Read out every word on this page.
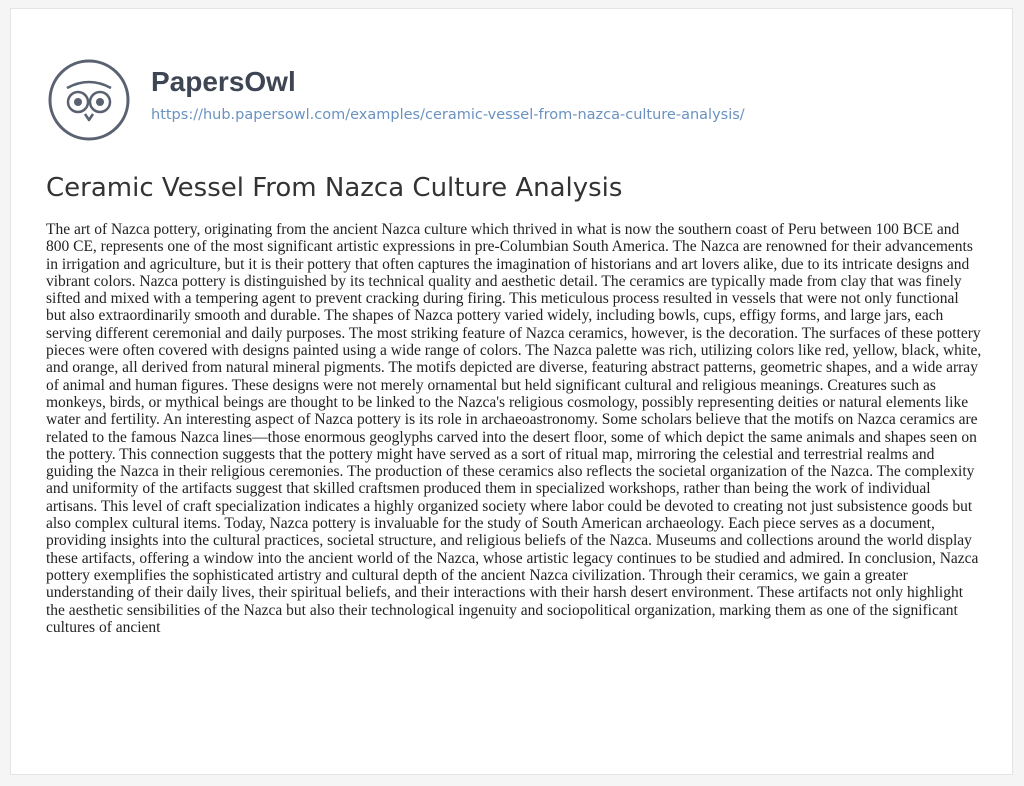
PapersOwl
https://hub.papersowl.com/examples/ceramic-vessel-from-nazca-culture-analysis/
Ceramic Vessel From Nazca Culture Analysis

The art of Nazca pottery, originating from the ancient Nazca culture which thrived in what is now the southern coast of Peru between 100 BCE and 800 CE, represents one of the most significant artistic expressions in pre-Columbian South America. The Nazca are renowned for their advancements in irrigation and agriculture, but it is their pottery that often captures the imagination of historians and art lovers alike, due to its intricate designs and vibrant colors. Nazca pottery is distinguished by its technical quality and aesthetic detail. The ceramics are typically made from clay that was finely sifted and mixed with a tempering agent to prevent cracking during firing. This meticulous process resulted in vessels that were not only functional but also extraordinarily smooth and durable. The shapes of Nazca pottery varied widely, including bowls, cups, effigy forms, and large jars, each serving different ceremonial and daily purposes. The most striking feature of Nazca ceramics, however, is the decoration. The surfaces of these pottery pieces were often covered with designs painted using a wide range of colors. The Nazca palette was rich, utilizing colors like red, yellow, black, white, and orange, all derived from natural mineral pigments. The motifs depicted are diverse, featuring abstract patterns, geometric shapes, and a wide array of animal and human figures. These designs were not merely ornamental but held significant cultural and religious meanings. Creatures such as monkeys, birds, or mythical beings are thought to be linked to the Nazca's religious cosmology, possibly representing deities or natural elements like water and fertility. An interesting aspect of Nazca pottery is its role in archaeoastronomy. Some scholars believe that the motifs on Nazca ceramics are related to the famous Nazca lines—those enormous geoglyphs carved into the desert floor, some of which depict the same animals and shapes seen on the pottery. This connection suggests that the pottery might have served as a sort of ritual map, mirroring the celestial and terrestrial realms and guiding the Nazca in their religious ceremonies. The production of these ceramics also reflects the societal organization of the Nazca. The complexity and uniformity of the artifacts suggest that skilled craftsmen produced them in specialized workshops, rather than being the work of individual artisans. This level of craft specialization indicates a highly organized society where labor could be devoted to creating not just subsistence goods but also complex cultural items. Today, Nazca pottery is invaluable for the study of South American archaeology. Each piece serves as a document, providing insights into the cultural practices, societal structure, and religious beliefs of the Nazca. Museums and collections around the world display these artifacts, offering a window into the ancient world of the Nazca, whose artistic legacy continues to be studied and admired. In conclusion, Nazca pottery exemplifies the sophisticated artistry and cultural depth of the ancient Nazca civilization. Through their ceramics, we gain a greater understanding of their daily lives, their spiritual beliefs, and their interactions with their harsh desert environment. These artifacts not only highlight the aesthetic sensibilities of the Nazca but also their technological ingenuity and sociopolitical organization, marking them as one of the significant cultures of ancient
